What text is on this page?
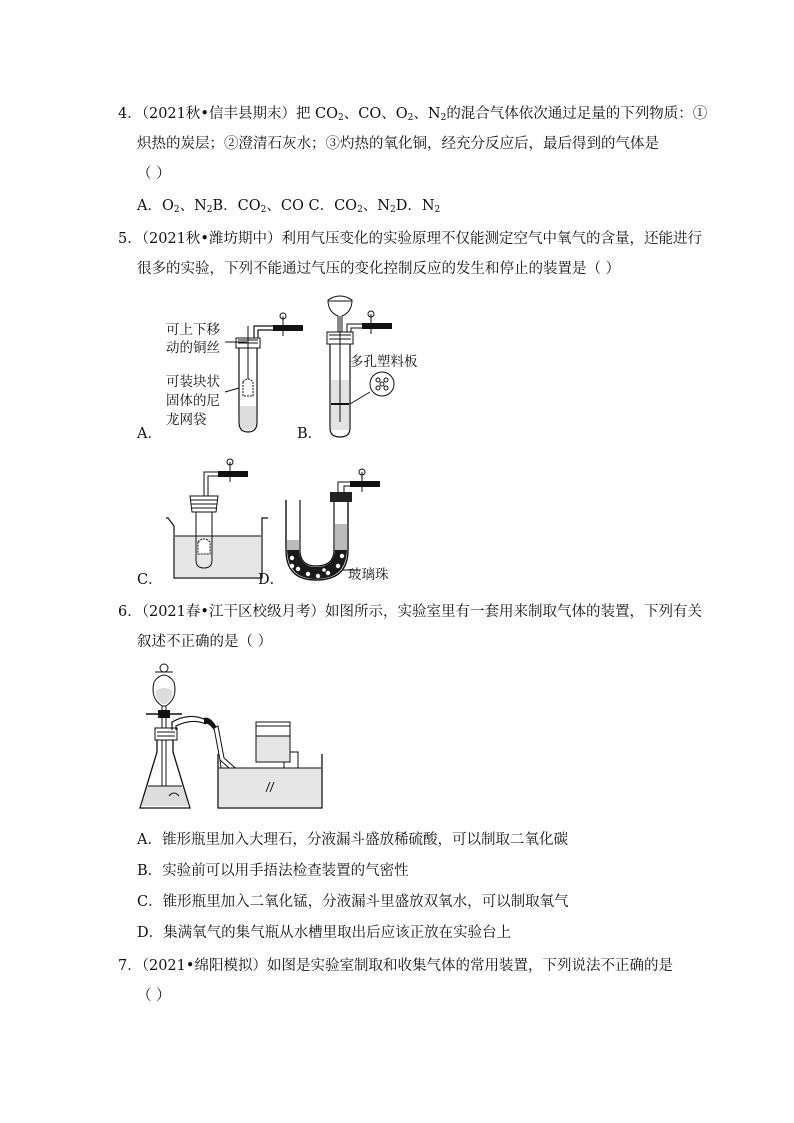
4．（2021秋•信丰县期末）把 $CO_2$、CO、$O_2$、$N_2$的混合气体依次通过足量的下列物质：①
炽热的炭层；②澄清石灰水；③灼热的氧化铜，经充分反应后，最后得到的气体是
（ ）
A．$O_2$、$N_2B$．$CO_2$、CO C．$CO_2$、$N_2D$．$N_2$
5．（2021秋•潍坊期中）利用气压变化的实验原理不仅能测定空气中氧气的含量，还能进行
很多的实验，下列不能通过气压的变化控制反应的发生和停止的装置是（ ）
可上下移
动的铜丝
可装块状
固体的尼
龙网袋
A．
多孔塑料板
B．
C．	玻璃珠
D．
6．（2021春•江干区校级月考）如图所示，实验室里有一套用来制取气体的装置，下列有关
叙述不正确的是（ ）
A．锥形瓶里加入大理石，分液漏斗盛放稀硫酸，可以制取二氧化碳
B．实验前可以用手捂法检查装置的气密性
C．锥形瓶里加入二氧化锰，分液漏斗里盛放双氧水，可以制取氧气
D．集满氧气的集气瓶从水槽里取出后应该正放在实验台上
7．（2021•绵阳模拟）如图是实验室制取和收集气体的常用装置，下列说法不正确的是
（ ）
